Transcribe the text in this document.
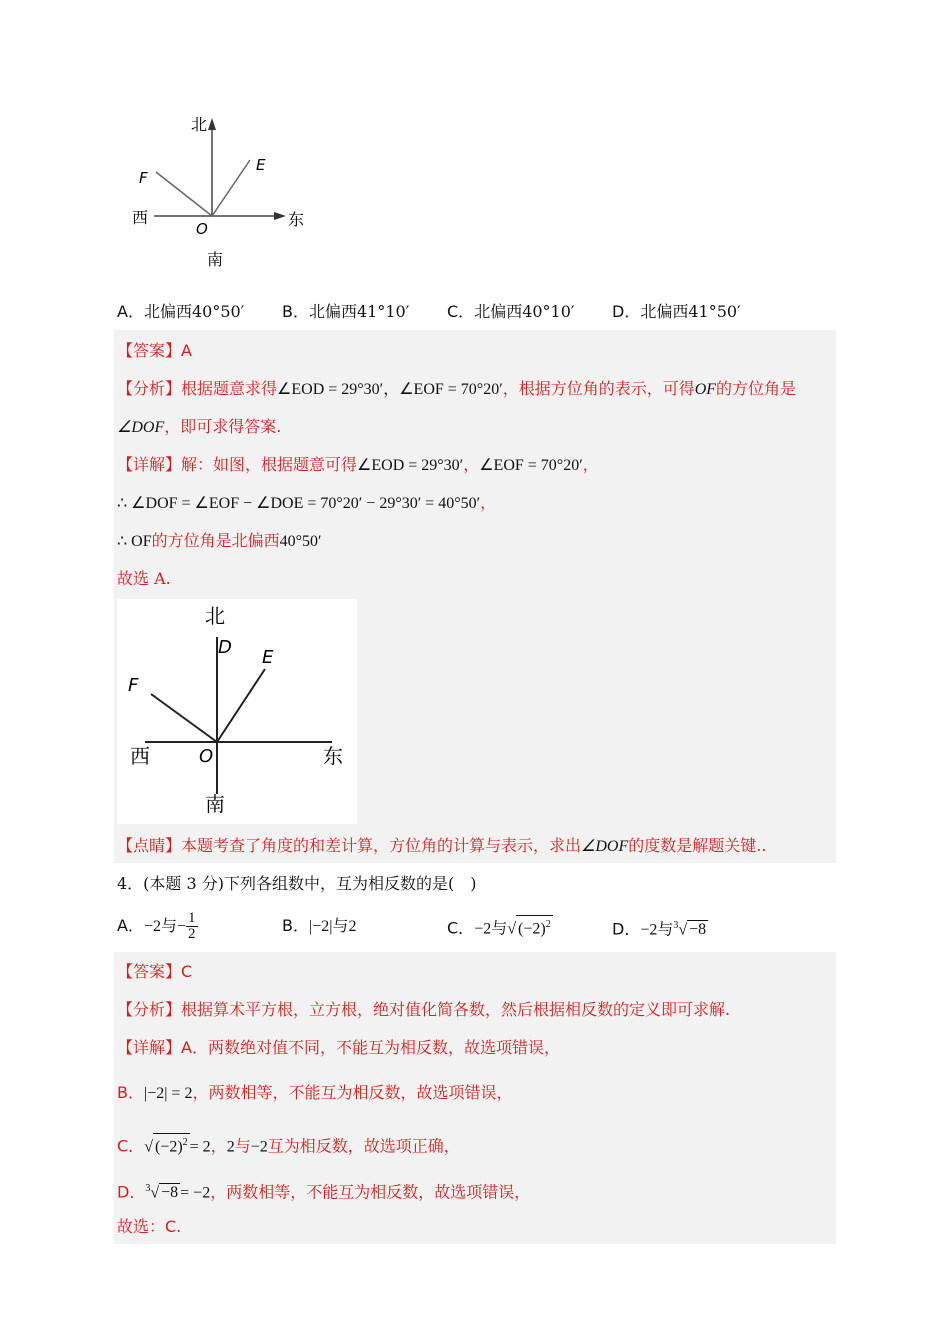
北
南
西	东
O
E
F
A．北偏西40°50′ B．北偏西41°10′ C．北偏西40°10′ D．北偏西41°50′
【答案】A
【分析】根据题意求得∠EOD = 29°30′，∠EOF = 70°20′，根据方位角的表示，可得OF的方位角是
∠DOF，即可求得答案.
【详解】解：如图，根据题意可得∠EOD = 29°30′，∠EOF = 70°20′，
∴ ∠DOF = ∠EOF − ∠DOE = 70°20′ − 29°30′ = 40°50′，
∴ OF的方位角是北偏西40°50′
故选 A.
北
南
西	东
O
D E
F
【点睛】本题考查了角度的和差计算，方位角的计算与表示，求出∠DOF的度数是解题关键..
4．(本题 3 分)下列各组数中，互为相反数的是(　)
A．−2与− $\frac{1}{2}$	B．|−2|与2	C．−2与√ $(-2)^2$	D．−2与$^3$√ −8
【答案】C
【分析】根据算术平方根，立方根，绝对值化简各数，然后根据相反数的定义即可求解.
【详解】A．两数绝对值不同，不能互为相反数，故选项错误，
B．|−2| = 2，两数相等，不能互为相反数，故选项错误，
C．√ $(-2)^2 = 2$，2与−2互为相反数，故选项正确，
D．$^3$√ −8 = −2，两数相等，不能互为相反数，故选项错误，
故选：C.
